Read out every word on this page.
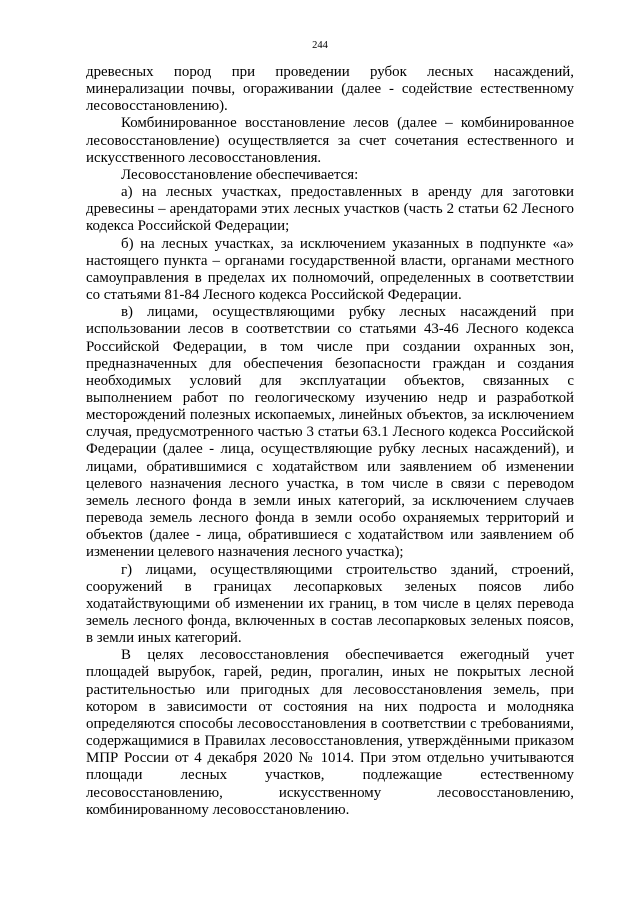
244

древесных пород при проведении рубок лесных насаждений, минерализации почвы, огораживании (далее - содействие естественному лесовосстановлению).

Комбинированное восстановление лесов (далее – комбинированное лесовосстановление) осуществляется за счет сочетания естественного и искусственного лесовосстановления.

Лесовосстановление обеспечивается:

а) на лесных участках, предоставленных в аренду для заготовки древесины – арендаторами этих лесных участков (часть 2 статьи 62 Лесного кодекса Российской Федерации;

б) на лесных участках, за исключением указанных в подпункте «а» настоящего пункта – органами государственной власти, органами местного самоуправления в пределах их полномочий, определенных в соответствии со статьями 81-84 Лесного кодекса Российской Федерации.

в) лицами, осуществляющими рубку лесных насаждений при использовании лесов в соответствии со статьями 43-46 Лесного кодекса Российской Федерации, в том числе при создании охранных зон, предназначенных для обеспечения безопасности граждан и создания необходимых условий для эксплуатации объектов, связанных с выполнением работ по геологическому изучению недр и разработкой месторождений полезных ископаемых, линейных объектов, за исключением случая, предусмотренного частью 3 статьи 63.1 Лесного кодекса Российской Федерации (далее - лица, осуществляющие рубку лесных насаждений), и лицами, обратившимися с ходатайством или заявлением об изменении целевого назначения лесного участка, в том числе в связи с переводом земель лесного фонда в земли иных категорий, за исключением случаев перевода земель лесного фонда в земли особо охраняемых территорий и объектов (далее - лица, обратившиеся с ходатайством или заявлением об изменении целевого назначения лесного участка);

г) лицами, осуществляющими строительство зданий, строений, сооружений в границах лесопарковых зеленых поясов либо ходатайствующими об изменении их границ, в том числе в целях перевода земель лесного фонда, включенных в состав лесопарковых зеленых поясов, в земли иных категорий.

В целях лесовосстановления обеспечивается ежегодный учет площадей вырубок, гарей, редин, прогалин, иных не покрытых лесной растительностью или пригодных для лесовосстановления земель, при котором в зависимости от состояния на них подроста и молодняка определяются способы лесовосстановления в соответствии с требованиями, содержащимися в Правилах лесовосстановления, утверждёнными приказом МПР России от 4 декабря 2020 № 1014. При этом отдельно учитываются площади лесных участков, подлежащие естественному лесовосстановлению, искусственному лесовосстановлению, комбинированному лесовосстановлению.
